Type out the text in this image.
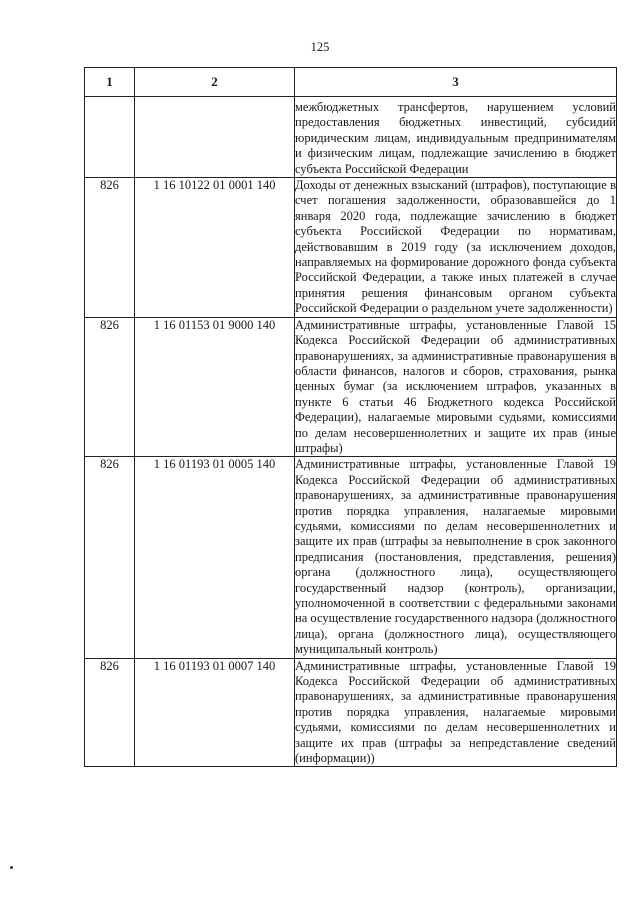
125
1	2	3
		межбюджетных трансфертов, нарушением условий предоставления бюджетных инвестиций, субсидий юридическим лицам, индивидуальным предпринимателям и физическим лицам, подлежащие зачислению в бюджет субъекта Российской Федерации
826	1 16 10122 01 0001 140	Доходы от денежных взысканий (штрафов), поступающие в счет погашения задолженности, образовавшейся до 1 января 2020 года, подлежащие зачислению в бюджет субъекта Российской Федерации по нормативам, действовавшим в 2019 году (за исключением доходов, направляемых на формирование дорожного фонда субъекта Российской Федерации, а также иных платежей в случае принятия решения финансовым органом субъекта Российской Федерации о раздельном учете задолженности)
826	1 16 01153 01 9000 140	Административные штрафы, установленные Главой 15 Кодекса Российской Федерации об административных правонарушениях, за административные правонарушения в области финансов, налогов и сборов, страхования, рынка ценных бумаг (за исключением штрафов, указанных в пункте 6 статьи 46 Бюджетного кодекса Российской Федерации), налагаемые мировыми судьями, комиссиями по делам несовершеннолетних и защите их прав (иные штрафы)
826	1 16 01193 01 0005 140	Административные штрафы, установленные Главой 19 Кодекса Российской Федерации об административных правонарушениях, за административные правонарушения против порядка управления, налагаемые мировыми судьями, комиссиями по делам несовершеннолетних и защите их прав (штрафы за невыполнение в срок законного предписания (постановления, представления, решения) органа (должностного лица), осуществляющего государственный надзор (контроль), организации, уполномоченной в соответствии с федеральными законами на осуществление государственного надзора (должностного лица), органа (должностного лица), осуществляющего муниципальный контроль)
826	1 16 01193 01 0007 140	Административные штрафы, установленные Главой 19 Кодекса Российской Федерации об административных правонарушениях, за административные правонарушения против порядка управления, налагаемые мировыми судьями, комиссиями по делам несовершеннолетних и защите их прав (штрафы за непредставление сведений (информации))
